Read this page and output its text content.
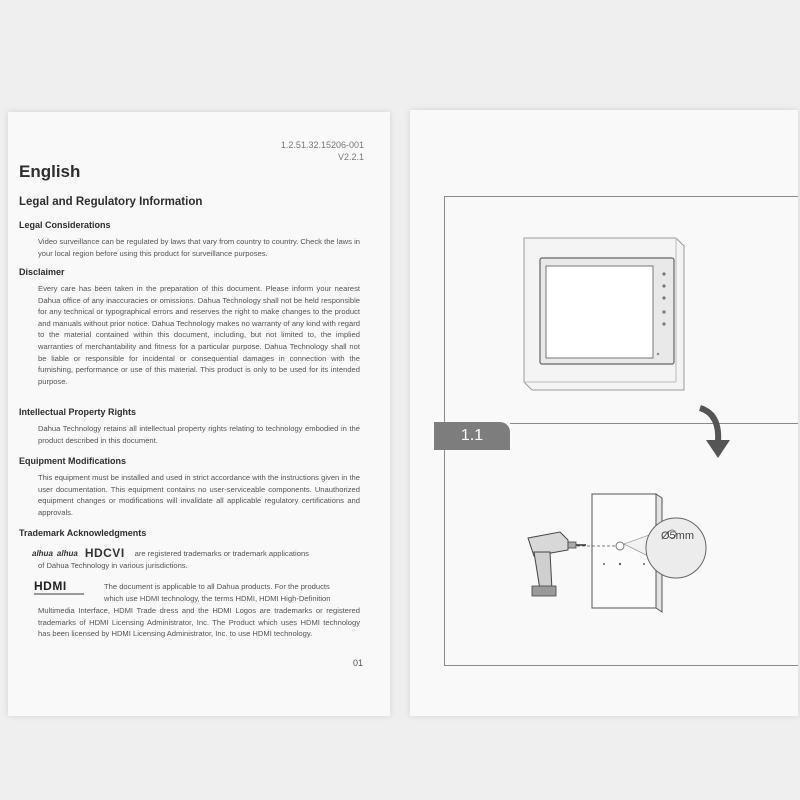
1.2.51.32.15206-001
V2.2.1
English
Legal and Regulatory Information
Legal Considerations

Video surveillance can be regulated by laws that vary from country to country. Check the laws in your local region before using this product for surveillance purposes.

Disclaimer

Every care has been taken in the preparation of this document. Please inform your nearest Dahua office of any inaccuracies or omissions. Dahua Technology shall not be held responsible for any technical or typographical errors and reserves the right to make changes to the product and manuals without prior notice. Dahua Technology makes no warranty of any kind with regard to the material contained within this document, including, but not limited to, the implied warranties of merchantability and fitness for a particular purpose. Dahua Technology shall not be liable or responsible for incidental or consequential damages in connection with the furnishing, performance or use of this material. This product is only to be used for its intended purpose.

Intellectual Property Rights

Dahua Technology retains all intellectual property rights relating to technology embodied in the product described in this document.

Equipment Modifications

This equipment must be installed and used in strict accordance with the instructions given in the user documentation. This equipment contains no user-serviceable components. Unauthorized equipment changes or modifications will invalidate all applicable regulatory certifications and approvals.

Trademark Acknowledgments
alhua alhua HDCVI are registered trademarks or trademark applications

of Dahua Technology in various jurisdictions.

HDMI	The document is applicable to all Dahua products. For the products

which use HDMI technology, the terms HDMI, HDMI High-Definition

Multimedia Interface, HDMI Trade dress and the HDMI Logos are trademarks or registered trademarks of HDMI Licensing Administrator, Inc. The Product which uses HDMI technology has been licensed by HDMI Licensing Administrator, Inc. to use HDMI technology.

01
1.1
Ø5mm
